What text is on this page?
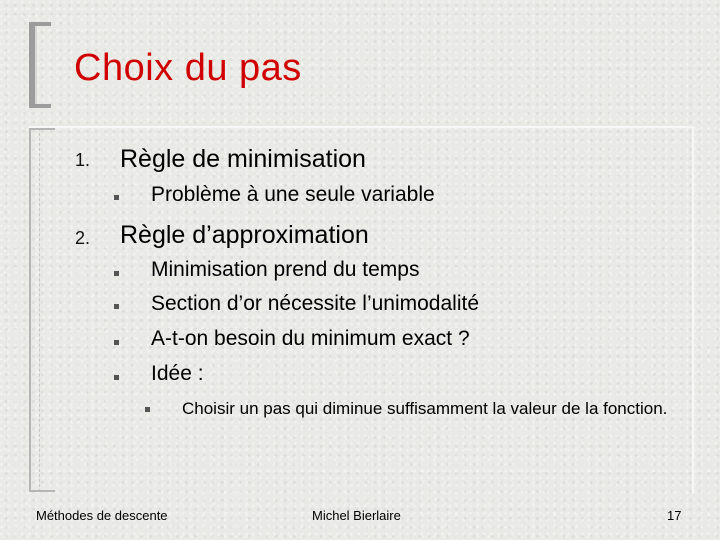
Choix du pas
1. Règle de minimisation
Problème à une seule variable
2. Règle d’approximation
Minimisation prend du temps
Section d’or nécessite l’unimodalité
A-t-on besoin du minimum exact ?
Idée :
Choisir un pas qui diminue suffisamment la valeur de la fonction.
Méthodes de descente	Michel Bierlaire	17
